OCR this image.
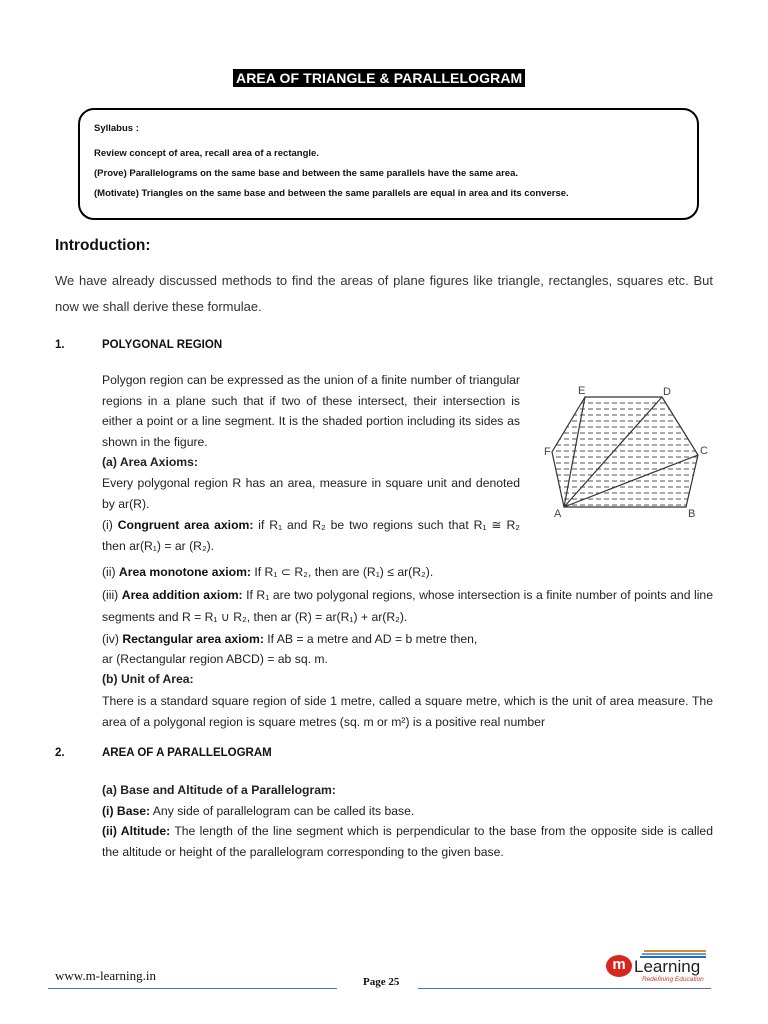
AREA OF TRIANGLE & PARALLELOGRAM
Syllabus :
Review concept of area, recall area of a rectangle.
(Prove) Parallelograms on the same base and between the same parallels have the same area.
(Motivate) Triangles on the same base and between the same parallels are equal in area and its converse.
Introduction:
We have already discussed methods to find the areas of plane figures like triangle, rectangles, squares etc. But now we shall derive these formulae.
1.	POLYGONAL REGION
Polygon region can be expressed as the union of a finite number of triangular regions in a plane such that if two of these intersect, their intersection is either a point or a line segment. It is the shaded portion including its sides as shown in the figure.
(a) Area Axioms:
Every polygonal region R has an area, measure in square unit and denoted by ar(R).
(i) Congruent area axiom: if R₁ and R₂ be two regions such that R₁ ≅ R₂ then ar(R₁) = ar (R₂).
(ii) Area monotone axiom: If R₁ ⊂ R₂, then are (R₁) ≤ ar(R₂).
(iii) Area addition axiom: If R₁ are two polygonal regions, whose intersection is a finite number of points and line segments and R = R₁ ∪ R₂, then ar (R) = ar(R₁) + ar(R₂).
(iv) Rectangular area axiom: If AB = a metre and AD = b metre then,
ar (Rectangular region ABCD) = ab sq. m.
(b) Unit of Area:
There is a standard square region of side 1 metre, called a square metre, which is the unit of area measure. The area of a polygonal region is square metres (sq. m or m²) is a positive real number
A	B
C
D
E
F
2.	AREA OF A PARALLELOGRAM
(a) Base and Altitude of a Parallelogram:
(i) Base: Any side of parallelogram can be called its base.
(ii) Altitude: The length of the line segment which is perpendicular to the base from the opposite side is called the altitude or height of the parallelogram corresponding to the given base.
www.m-learning.in	Page 25
m Learning
Redefining Education
